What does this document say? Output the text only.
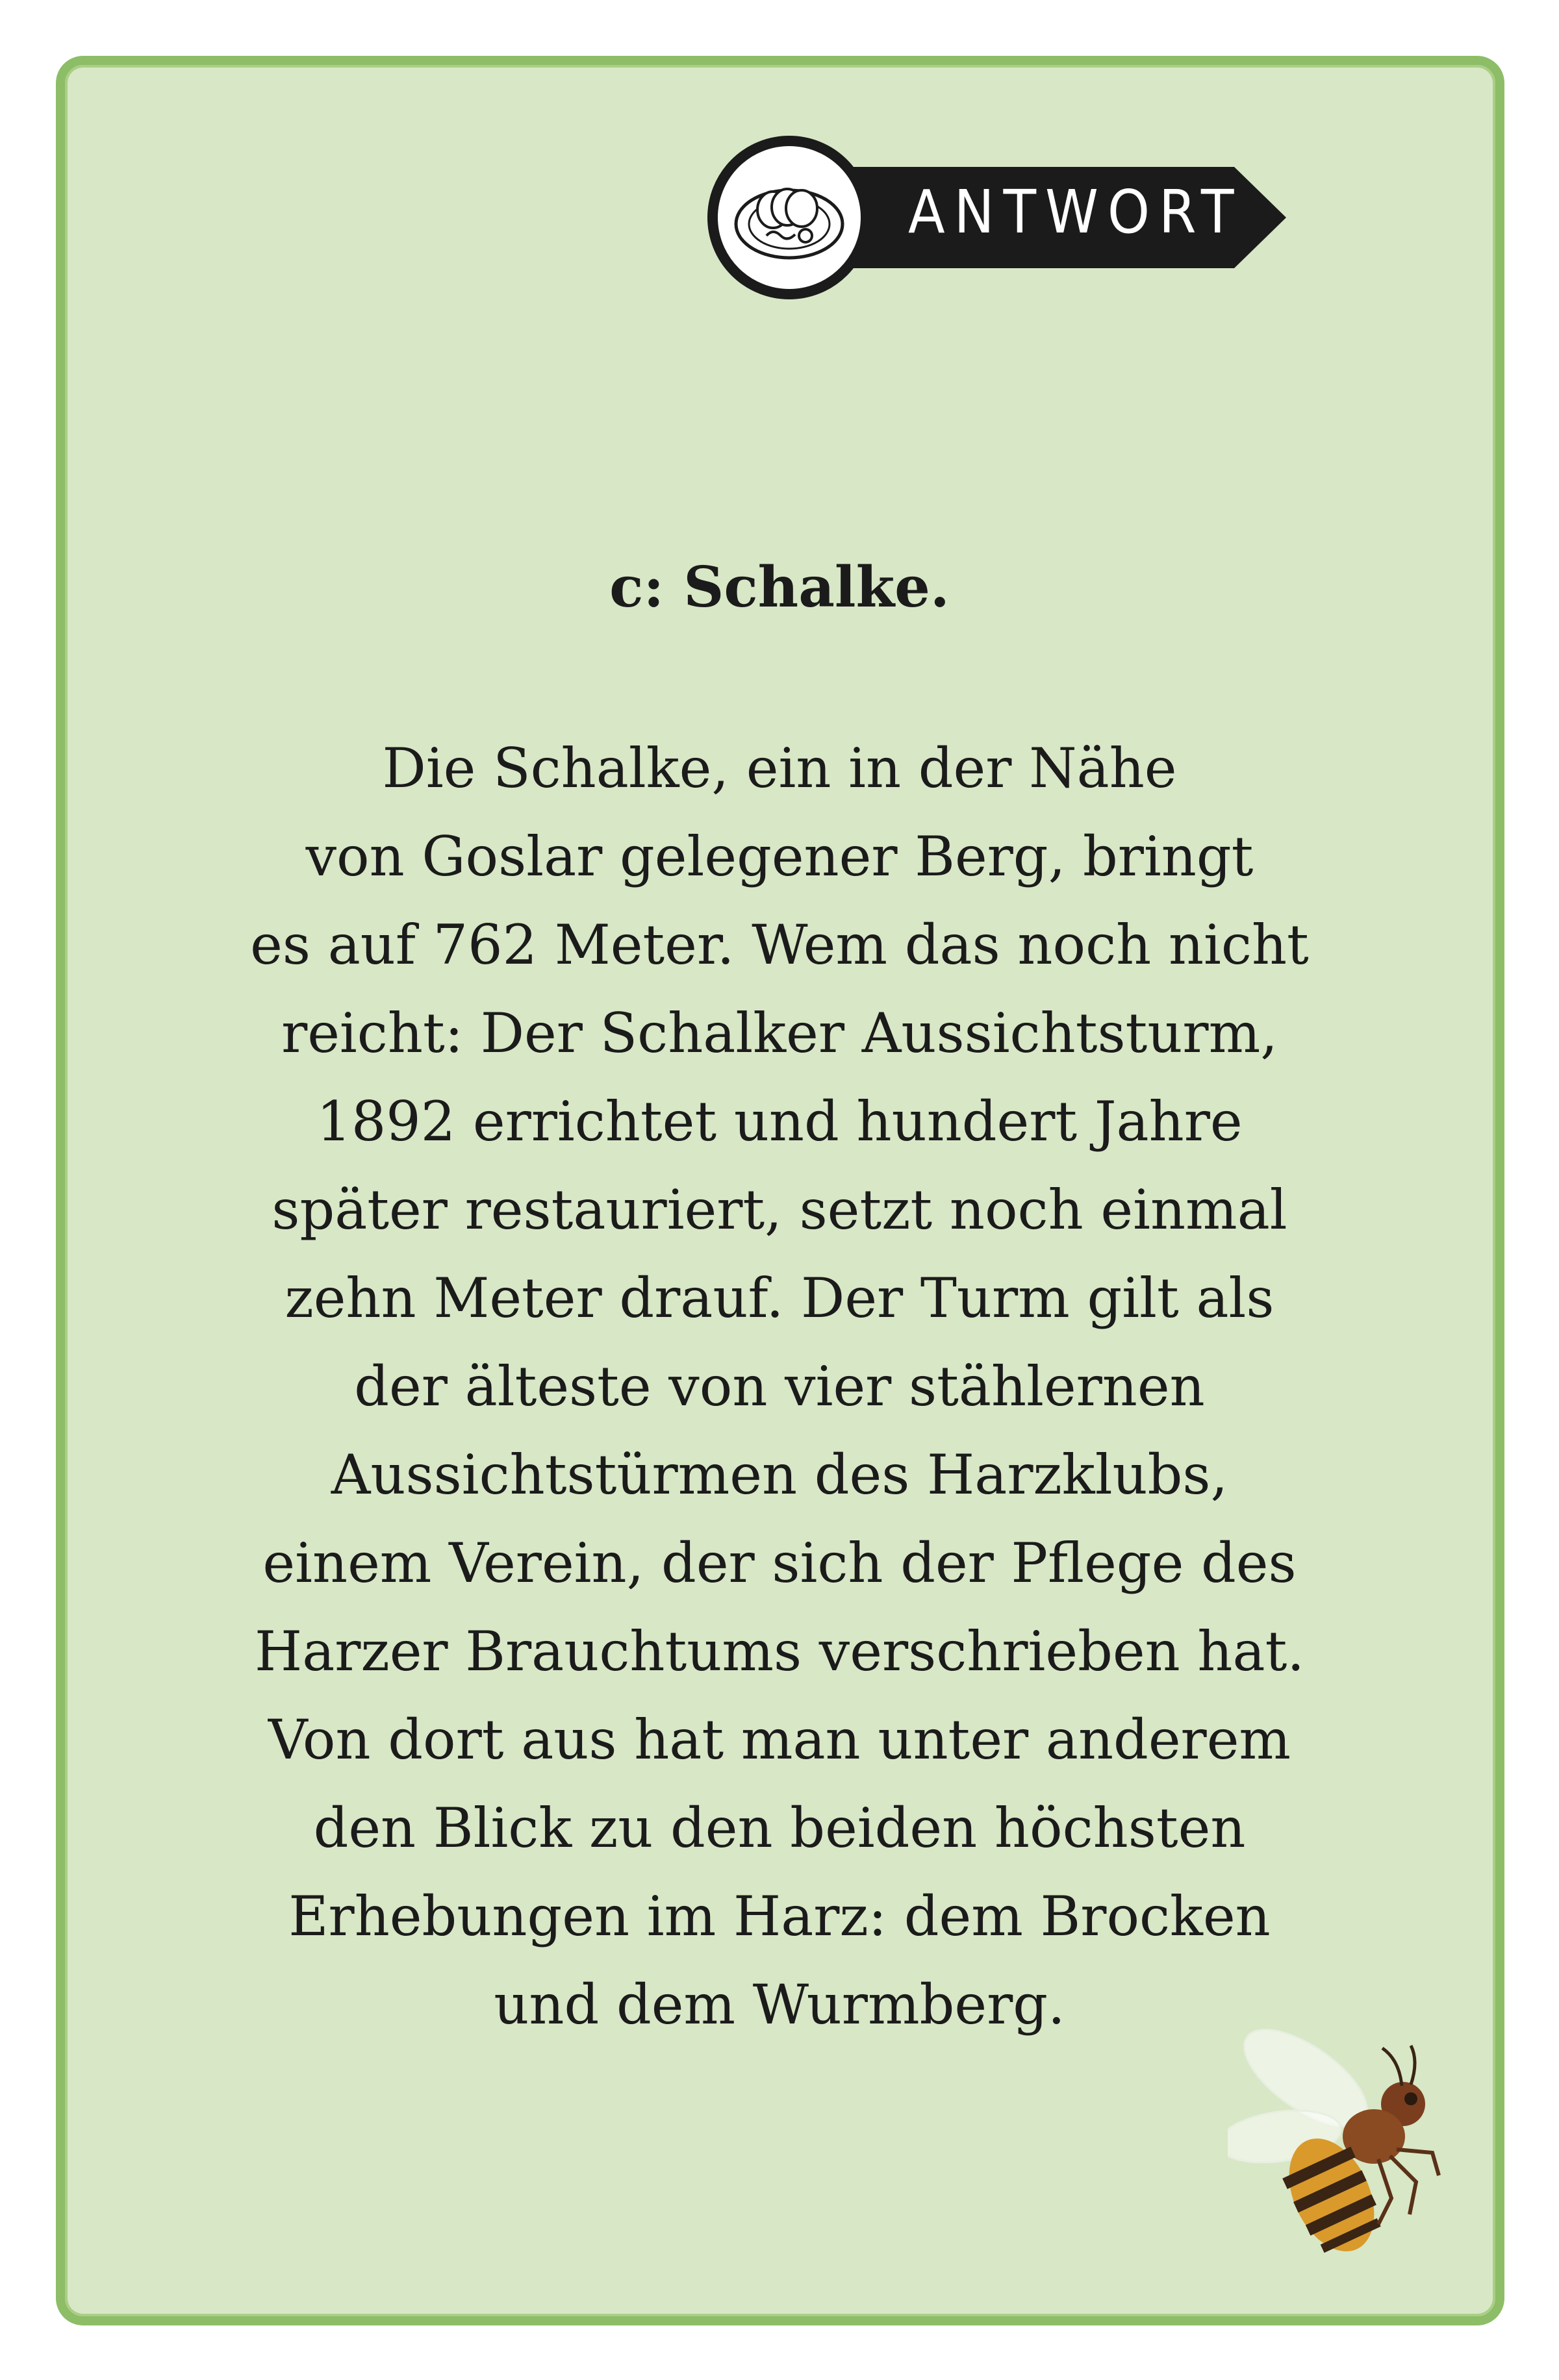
ANTWORT
c: Schalke.

Die Schalke, ein in der Nähe
von Goslar gelegener Berg, bringt
es auf 762 Meter. Wem das noch nicht
reicht: Der Schalker Aussichtsturm,
1892 errichtet und hundert Jahre
später restauriert, setzt noch einmal
zehn Meter drauf. Der Turm gilt als
der älteste von vier stählernen
Aussichtstürmen des Harzklubs,
einem Verein, der sich der Pflege des
Harzer Brauchtums verschrieben hat.
Von dort aus hat man unter anderem
den Blick zu den beiden höchsten
Erhebungen im Harz: dem Brocken
und dem Wurmberg.
